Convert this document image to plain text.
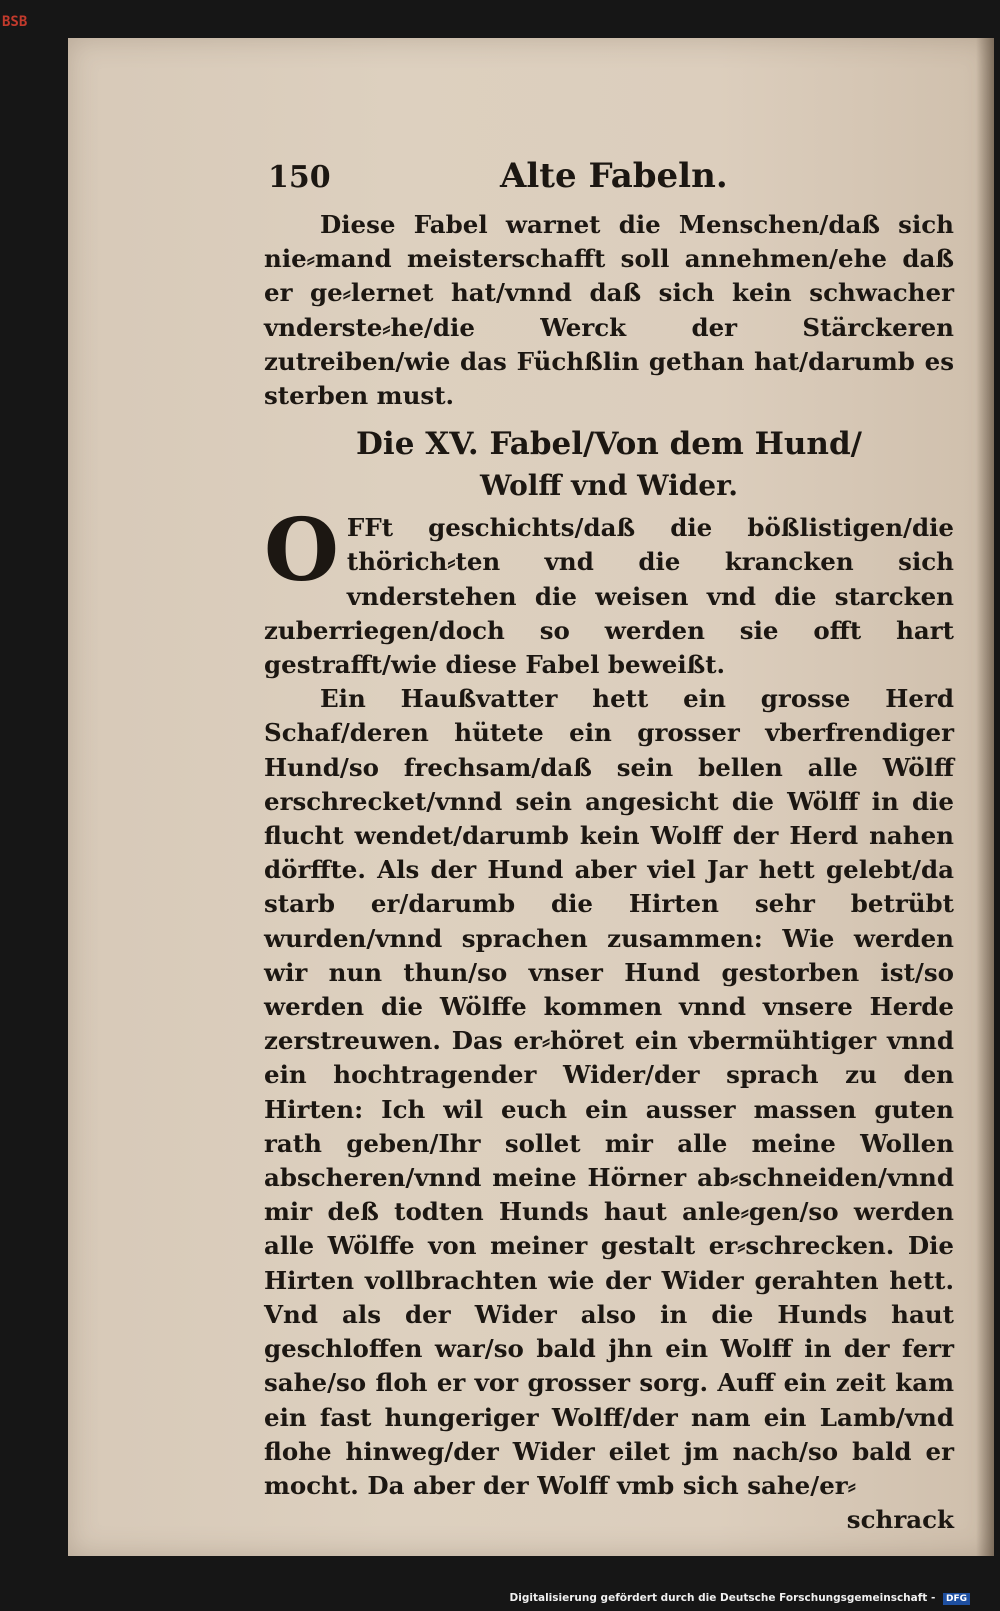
BSB
150	Alte Fabeln.

Diese Fabel warnet die Menschen/daß sich nie⸗mand meisterschafft soll annehmen/ehe daß er ge⸗lernet hat/vnnd daß sich kein schwacher vnderste⸗he/die Werck der Stärckeren zutreiben/wie das Füchßlin gethan hat/darumb es sterben must.

Die XV. Fabel/Von dem Hund/
Wolff vnd Wider.
O FFt geschichts/daß die bößlistigen/die thörich⸗ten vnd die krancken sich vnderstehen die weisen vnd die starcken zuberriegen/doch so werden sie offt hart gestrafft/wie diese Fabel beweißt.

Ein Haußvatter hett ein grosse Herd Schaf/deren hütete ein grosser vberfrendiger Hund/so frechsam/daß sein bellen alle Wölff erschrecket/vnnd sein angesicht die Wölff in die flucht wendet/darumb kein Wolff der Herd nahen dörffte. Als der Hund aber viel Jar hett gelebt/da starb er/darumb die Hirten sehr betrübt wurden/vnnd sprachen zusammen: Wie werden wir nun thun/so vnser Hund gestorben ist/so werden die Wölffe kommen vnnd vnsere Herde zerstreuwen. Das er⸗höret ein vbermühtiger vnnd ein hochtragender Wider/der sprach zu den Hirten: Ich wil euch ein ausser massen guten rath geben/Ihr sollet mir alle meine Wollen abscheren/vnnd meine Hörner ab⸗schneiden/vnnd mir deß todten Hunds haut anle⸗gen/so werden alle Wölffe von meiner gestalt er⸗schrecken. Die Hirten vollbrachten wie der Wider gerahten hett. Vnd als der Wider also in die Hunds haut geschloffen war/so bald jhn ein Wolff in der ferr sahe/so floh er vor grosser sorg. Auff ein zeit kam ein fast hungeriger Wolff/der nam ein Lamb/vnd flohe hinweg/der Wider eilet jm nach/so bald er mocht. Da aber der Wolff vmb sich sahe/er⸗

schrack

Digitalisierung gefördert durch die Deutsche Forschungsgemeinschaft - DFG
